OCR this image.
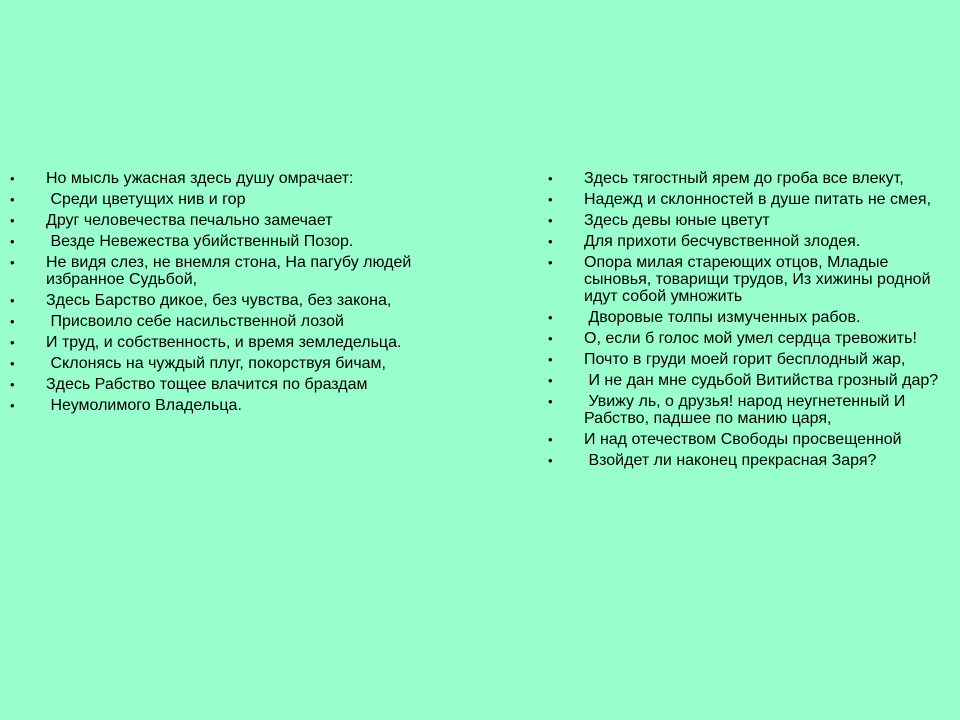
•	Но мысль ужасная здесь душу омрачает:
•	Среди цветущих нив и гор
•	Друг человечества печально замечает
•	Везде Невежества убийственный Позор.
•	Не видя слез, не внемля стона, На пагубу людей избранное Судьбой,
•	Здесь Барство дикое, без чувства, без закона,
•	Присвоило себе насильственной лозой
•	И труд, и собственность, и время земледельца.
•	Склонясь на чуждый плуг, покорствуя бичам,
•	Здесь Рабство тощее влачится по браздам
•	Неумолимого Владельца.
•	Здесь тягостный ярем до гроба все влекут,
•	Надежд и склонностей в душе питать не смея,
•	Здесь девы юные цветут
•	Для прихоти бесчувственной злодея.
•	Опора милая стареющих отцов, Младые сыновья, товарищи трудов, Из хижины родной идут собой умножить
•	Дворовые толпы измученных рабов.
•	О, если б голос мой умел сердца тревожить!
•	Почто в груди моей горит бесплодный жар,
•	И не дан мне судьбой Витийства грозный дар?
•	Увижу ль, о друзья! народ неугнетенный И Рабство, падшее по манию царя,
•	И над отечеством Свободы просвещенной
•	Взойдет ли наконец прекрасная Заря?
